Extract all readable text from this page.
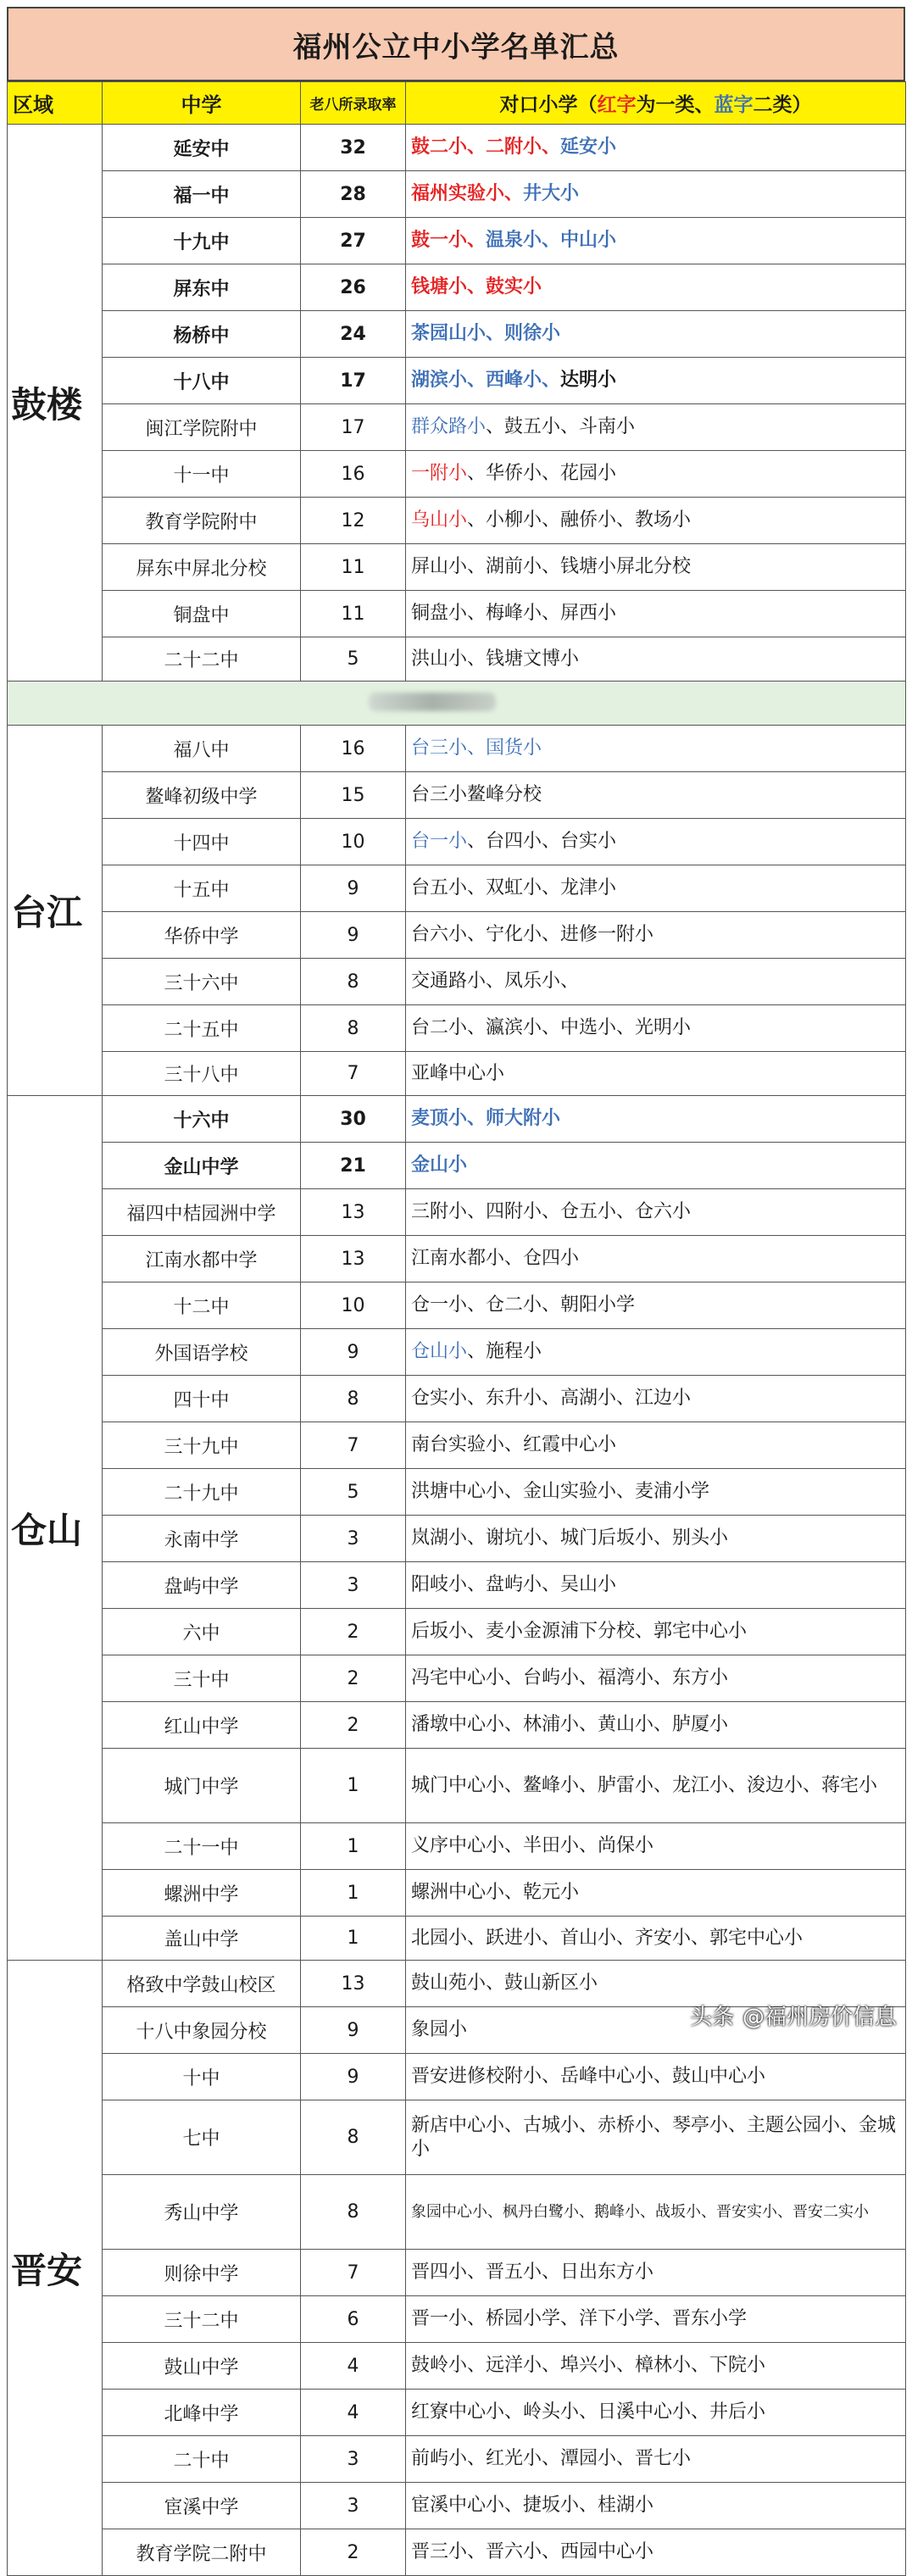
福州公立中小学名单汇总
区域	中学	老八所录取率	对口小学（红字为一类、蓝字二类）
鼓楼	延安中	32	鼓二小、二附小、延安小
	福一中	28	福州实验小、井大小
	十九中	27	鼓一小、温泉小、中山小
	屏东中	26	钱塘小、鼓实小
	杨桥中	24	茶园山小、则徐小
	十八中	17	湖滨小、西峰小、达明小
	闽江学院附中	17	群众路小、鼓五小、斗南小
	十一中	16	一附小、华侨小、花园小
	教育学院附中	12	乌山小、小柳小、融侨小、教场小
	屏东中屏北分校	11	屏山小、湖前小、钱塘小屏北分校
	铜盘中	11	铜盘小、梅峰小、屏西小
	二十二中	5	洪山小、钱塘文博小

台江	福八中	16	台三小、国货小
	鳌峰初级中学	15	台三小鳌峰分校
	十四中	10	台一小、台四小、台实小
	十五中	9	台五小、双虹小、龙津小
	华侨中学	9	台六小、宁化小、进修一附小
	三十六中	8	交通路小、凤乐小、
	二十五中	8	台二小、瀛滨小、中选小、光明小
	三十八中	7	亚峰中心小
仓山	十六中	30	麦顶小、师大附小
	金山中学	21	金山小
	福四中桔园洲中学	13	三附小、四附小、仓五小、仓六小
	江南水都中学	13	江南水都小、仓四小
	十二中	10	仓一小、仓二小、朝阳小学
	外国语学校	9	仓山小、施程小
	四十中	8	仓实小、东升小、高湖小、江边小
	三十九中	7	南台实验小、红霞中心小
	二十九中	5	洪塘中心小、金山实验小、麦浦小学
	永南中学	3	岚湖小、谢坑小、城门后坂小、别头小
	盘屿中学	3	阳岐小、盘屿小、吴山小
	六中	2	后坂小、麦小金源浦下分校、郭宅中心小
	三十中	2	冯宅中心小、台屿小、福湾小、东方小
	红山中学	2	潘墩中心小、林浦小、黄山小、胪厦小
	城门中学	1	城门中心小、鳌峰小、胪雷小、龙江小、浚边小、蒋宅小
	二十一中	1	义序中心小、半田小、尚保小
	螺洲中学	1	螺洲中心小、乾元小
	盖山中学	1	北园小、跃进小、首山小、齐安小、郭宅中心小
晋安	格致中学鼓山校区	13	鼓山苑小、鼓山新区小
	十八中象园分校	9	象园小
	十中	9	晋安进修校附小、岳峰中心小、鼓山中心小
	七中	8	新店中心小、古城小、赤桥小、琴亭小、主题公园小、金城小
	秀山中学	8	象园中心小、枫丹白鹭小、鹅峰小、战坂小、晋安实小、晋安二实小
	则徐中学	7	晋四小、晋五小、日出东方小
	三十二中	6	晋一小、桥园小学、洋下小学、晋东小学
	鼓山中学	4	鼓岭小、远洋小、埠兴小、樟林小、下院小
	北峰中学	4	红寮中心小、岭头小、日溪中心小、井后小
	二十中	3	前屿小、红光小、潭园小、晋七小
	宦溪中学	3	宦溪中心小、捷坂小、桂湖小
	教育学院二附中	2	晋三小、晋六小、西园中心小
头条 @福州房价信息
